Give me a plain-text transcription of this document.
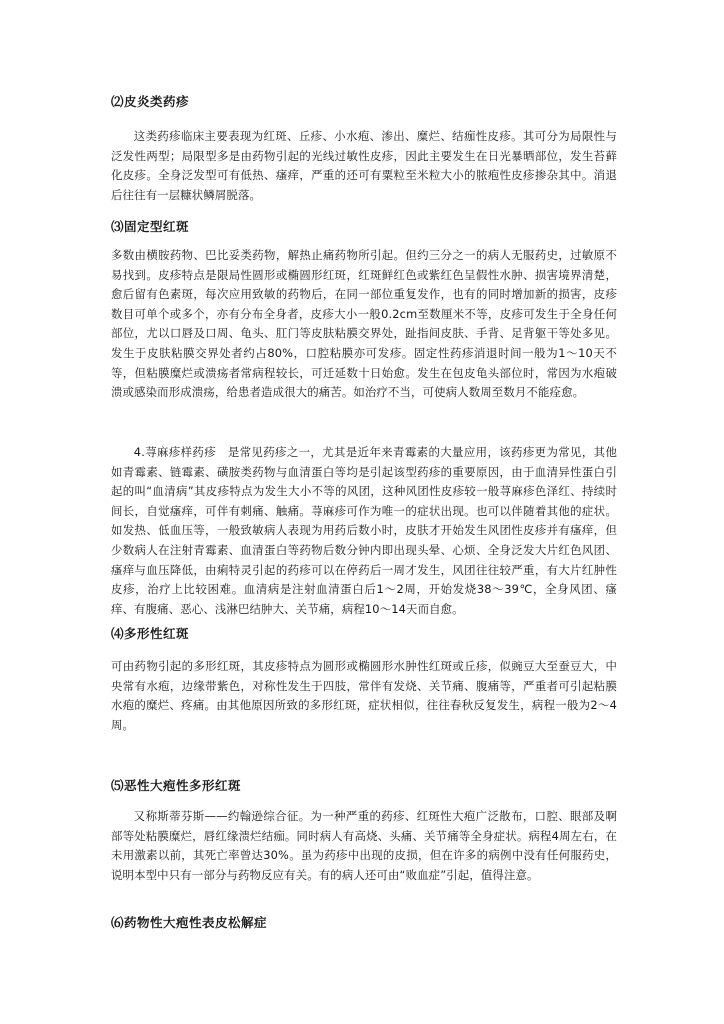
⑵皮炎类药疹

这类药疹临床主要表现为红斑、丘疹、小水疱、渗出、糜烂、结痂性皮疹。其可分为局限性与泛发性两型；局限型多是由药物引起的光线过敏性皮疹，因此主要发生在日光暴晒部位，发生苔藓化皮疹。全身泛发型可有低热、瘙痒，严重的还可有粟粒至米粒大小的脓疱性皮疹掺杂其中。消退后往往有一层糠状鳞屑脱落。

⑶固定型红斑

多数由横胺药物、巴比妥类药物，解热止痛药物所引起。但约三分之一的病人无服药史，过敏原不易找到。皮疹特点是限局性圆形或椭圆形红斑，红斑鲜红色或紫红色呈假性水肿、损害境界清楚，愈后留有色素斑，每次应用致敏的药物后，在同一部位重复发作，也有的同时增加新的损害，皮疹数目可单个或多个，亦有分布全身者，皮疹大小一般0.2cm至数厘米不等，皮疹可发生于全身任何部位，尤以口唇及口周、龟头、肛门等皮肤粘膜交界处，趾指间皮肤、手背、足背躯干等处多见。发生于皮肤粘膜交界处者约占80%，口腔粘膜亦可发疹。固定性药疹消退时间一般为1～10天不等，但粘膜糜烂或溃疡者常病程较长，可迁延数十日始愈。发生在包皮龟头部位时，常因为水疱破溃或感染而形成溃疡，给患者造成很大的痛苦。如治疗不当，可使病人数周至数月不能痊愈。

4.荨麻疹样药疹　是常见药疹之一，尤其是近年来青霉素的大量应用，该药疹更为常见，其他如青霉素、链霉素、磺胺类药物与血清蛋白等均是引起该型药疹的重要原因，由于血清异性蛋白引起的叫“血清病”其皮疹特点为发生大小不等的风团，这种风团性皮疹较一般荨麻疹色泽红、持续时间长，自觉瘙痒，可伴有刺痛、触痛。荨麻疹可作为唯一的症状出现。也可以伴随着其他的症状。如发热、低血压等，一般致敏病人表现为用药后数小时，皮肤才开始发生风团性皮疹并有瘙痒，但少数病人在注射青霉素、血清蛋白等药物后数分钟内即出现头晕、心烦、全身泛发大片红色风团、瘙痒与血压降低，由痢特灵引起的药疹可以在停药后一周才发生，风团往往较严重，有大片红肿性皮疹，治疗上比较困难。血清病是注射血清蛋白后1～2周，开始发烧38～39℃，全身风团、瘙痒、有腹痛、恶心、浅淋巴结肿大、关节痛，病程10～14天而自愈。

⑷多形性红斑

可由药物引起的多形红斑，其皮疹特点为圆形或椭圆形水肿性红斑或丘疹，似豌豆大至蚕豆大，中央常有水疱，边缘带紫色，对称性发生于四肢，常伴有发烧、关节痛、腹痛等，严重者可引起粘膜水疱的糜烂、疼痛。由其他原因所致的多形红斑，症状相似，往往春秋反复发生，病程一般为2～4周。

⑸恶性大疱性多形红斑

又称斯蒂芬斯——约翰逊综合征。为一种严重的药疹、红斑性大疱广泛散布，口腔、眼部及啊部等处粘膜糜烂，唇红缘溃烂结痂。同时病人有高烧、头痛、关节痛等全身症状。病程4周左右，在未用激素以前，其死亡率曾达30%。虽为药疹中出现的皮损，但在许多的病例中没有任何服药史，说明本型中只有一部分与药物反应有关。有的病人还可由“败血症”引起，值得注意。

⑹药物性大疱性表皮松解症
